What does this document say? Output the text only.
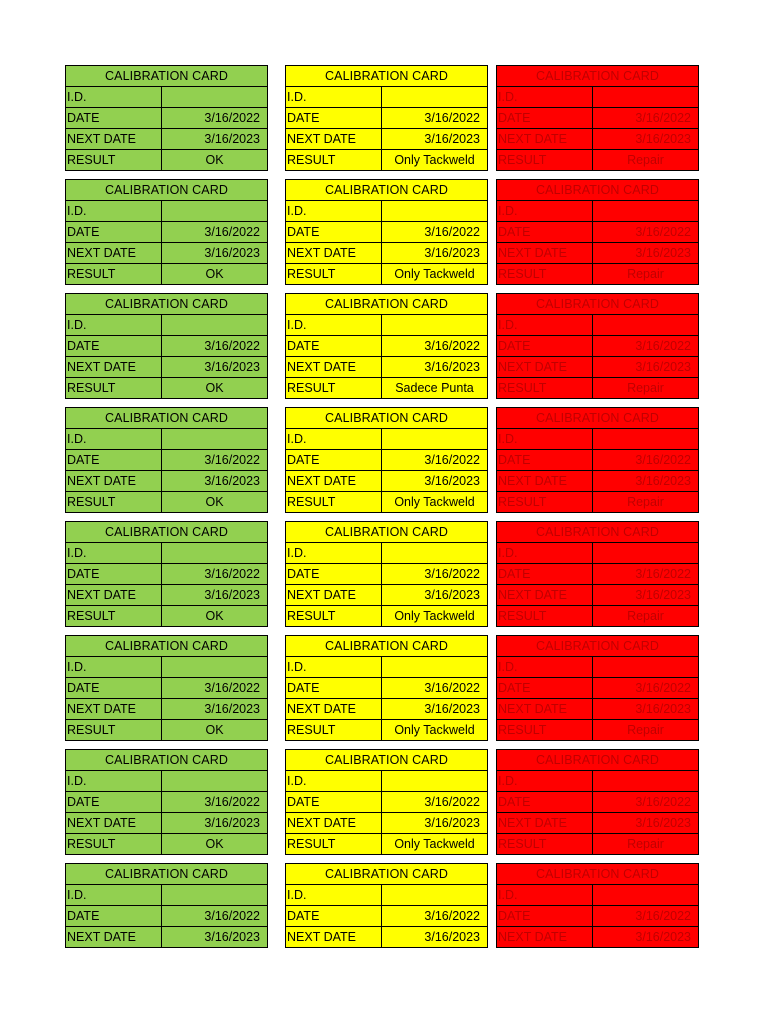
CALIBRATION CARD
I.D.
DATE	3/16/2022
NEXT DATE	3/16/2023
RESULT	OK
CALIBRATION CARD
I.D.
DATE	3/16/2022
NEXT DATE	3/16/2023
RESULT	OK
CALIBRATION CARD
I.D.
DATE	3/16/2022
NEXT DATE	3/16/2023
RESULT	OK
CALIBRATION CARD
I.D.
DATE	3/16/2022
NEXT DATE	3/16/2023
RESULT	OK
CALIBRATION CARD
I.D.
DATE	3/16/2022
NEXT DATE	3/16/2023
RESULT	OK
CALIBRATION CARD
I.D.
DATE	3/16/2022
NEXT DATE	3/16/2023
RESULT	OK
CALIBRATION CARD
I.D.
DATE	3/16/2022
NEXT DATE	3/16/2023
RESULT	OK
CALIBRATION CARD
I.D.
DATE	3/16/2022
NEXT DATE	3/16/2023
CALIBRATION CARD
I.D.
DATE	3/16/2022
NEXT DATE	3/16/2023
RESULT	Only Tackweld
CALIBRATION CARD
I.D.
DATE	3/16/2022
NEXT DATE	3/16/2023
RESULT	Only Tackweld
CALIBRATION CARD
I.D.
DATE	3/16/2022
NEXT DATE	3/16/2023
RESULT	Sadece Punta
CALIBRATION CARD
I.D.
DATE	3/16/2022
NEXT DATE	3/16/2023
RESULT	Only Tackweld
CALIBRATION CARD
I.D.
DATE	3/16/2022
NEXT DATE	3/16/2023
RESULT	Only Tackweld
CALIBRATION CARD
I.D.
DATE	3/16/2022
NEXT DATE	3/16/2023
RESULT	Only Tackweld
CALIBRATION CARD
I.D.
DATE	3/16/2022
NEXT DATE	3/16/2023
RESULT	Only Tackweld
CALIBRATION CARD
I.D.
DATE	3/16/2022
NEXT DATE	3/16/2023
CALIBRATION CARD
I.D.
DATE	3/16/2022
NEXT DATE	3/16/2023
RESULT	Repair
CALIBRATION CARD
I.D.
DATE	3/16/2022
NEXT DATE	3/16/2023
RESULT	Repair
CALIBRATION CARD
I.D.
DATE	3/16/2022
NEXT DATE	3/16/2023
RESULT	Repair
CALIBRATION CARD
I.D.
DATE	3/16/2022
NEXT DATE	3/16/2023
RESULT	Repair
CALIBRATION CARD
I.D.
DATE	3/16/2022
NEXT DATE	3/16/2023
RESULT	Repair
CALIBRATION CARD
I.D.
DATE	3/16/2022
NEXT DATE	3/16/2023
RESULT	Repair
CALIBRATION CARD
I.D.
DATE	3/16/2022
NEXT DATE	3/16/2023
RESULT	Repair
CALIBRATION CARD
I.D.
DATE	3/16/2022
NEXT DATE	3/16/2023
